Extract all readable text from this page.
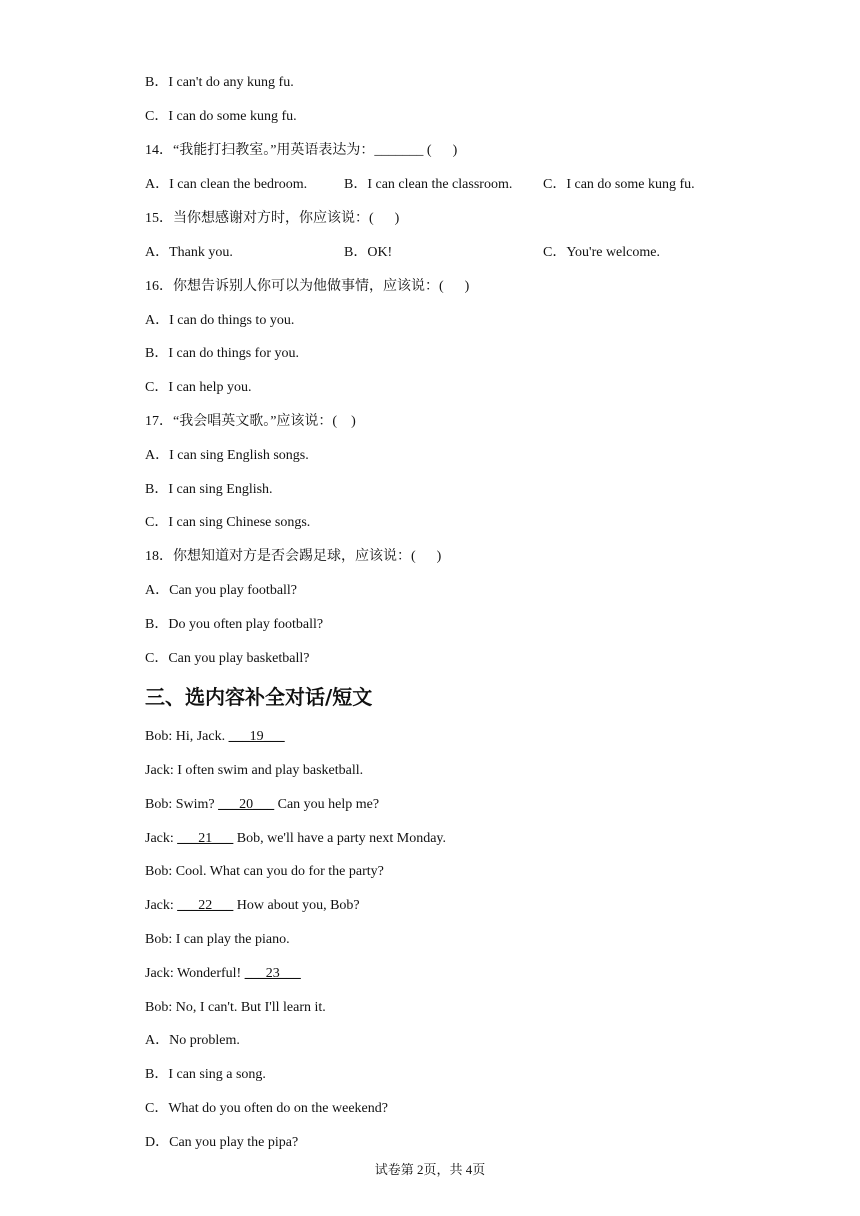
B．I can't do any kung fu.
C．I can do some kung fu.
14．“我能打扫教室。”用英语表达为：_______ (      )
A．I can clean the bedroom.	B．I can clean the classroom.	C．I can do some kung fu.
15．当你想感谢对方时，你应该说：(      )
A．Thank you.	B．OK!	C．You're welcome.
16．你想告诉别人你可以为他做事情，应该说：(      )
A．I can do things to you.
B．I can do things for you.
C．I can help you.
17．“我会唱英文歌。”应该说：(    )
A．I can sing English songs.
B．I can sing English.
C．I can sing Chinese songs.
18．你想知道对方是否会踢足球，应该说：(      )
A．Can you play football?
B．Do you often play football?
C．Can you play basketball?
三、选内容补全对话/短文
Bob: Hi, Jack. ___19___
Jack: I often swim and play basketball.
Bob: Swim? ___20___ Can you help me?
Jack: ___21___ Bob, we'll have a party next Monday.
Bob: Cool. What can you do for the party?
Jack: ___22___ How about you, Bob?
Bob: I can play the piano.
Jack: Wonderful! ___23___
Bob: No, I can't. But I'll learn it.
A．No problem.
B．I can sing a song.
C．What do you often do on the weekend?
D．Can you play the pipa?
试卷第 2页，共 4页
